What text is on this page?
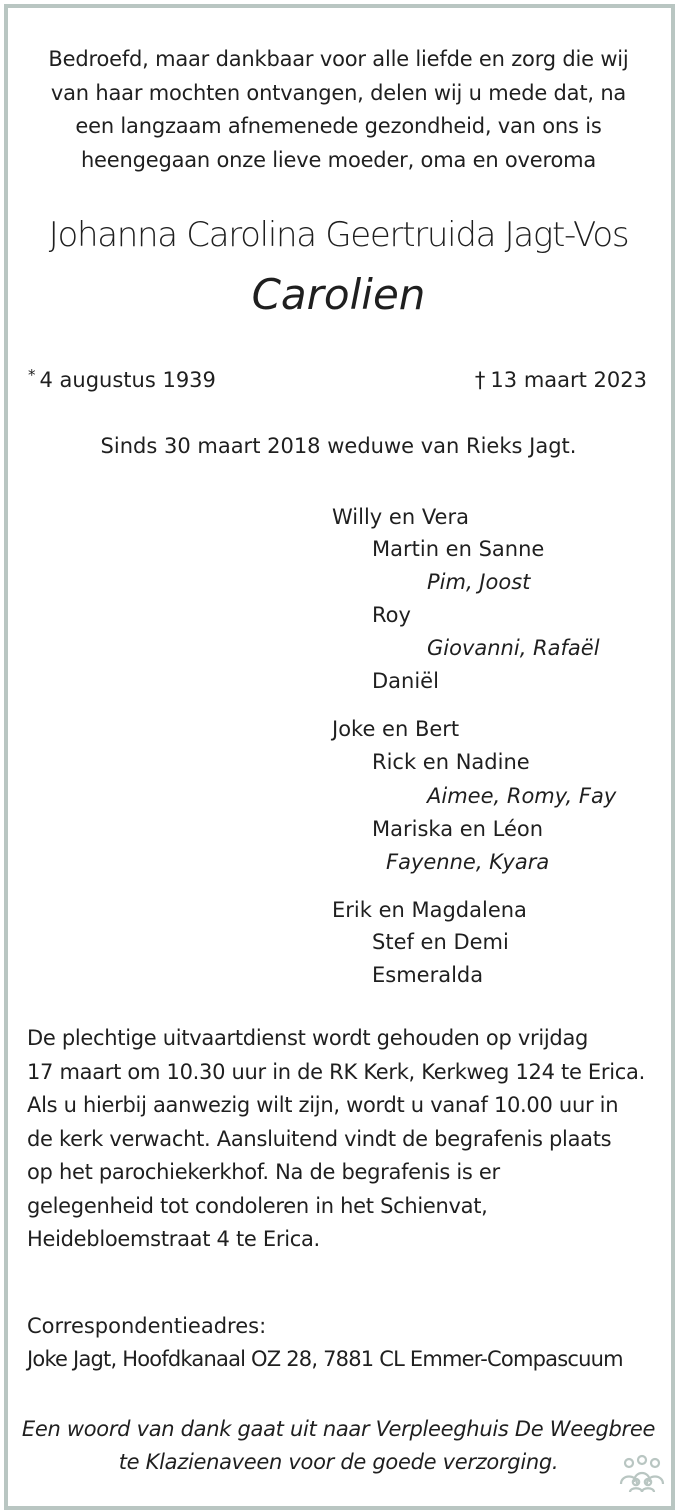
Bedroefd, maar dankbaar voor alle liefde en zorg die wij
van haar mochten ontvangen, delen wij u mede dat, na
een langzaam afnemenede gezondheid, van ons is
heengegaan onze lieve moeder, oma en overoma
Johanna Carolina Geertruida Jagt-Vos
Carolien
* 4 augustus 1939	† 13 maart 2023
Sinds 30 maart 2018 weduwe van Rieks Jagt.
Willy en Vera
Martin en Sanne
Pim, Joost
Roy
Giovanni, Rafaël
Daniël
Joke en Bert
Rick en Nadine
Aimee, Romy, Fay
Mariska en Léon
Fayenne, Kyara
Erik en Magdalena
Stef en Demi
Esmeralda
De plechtige uitvaartdienst wordt gehouden op vrijdag
17 maart om 10.30 uur in de RK Kerk, Kerkweg 124 te Erica.
Als u hierbij aanwezig wilt zijn, wordt u vanaf 10.00 uur in
de kerk verwacht. Aansluitend vindt de begrafenis plaats
op het parochiekerkhof. Na de begrafenis is er
gelegenheid tot condoleren in het Schienvat,
Heidebloemstraat 4 te Erica.
Correspondentieadres:
Joke Jagt, Hoofdkanaal OZ 28, 7881 CL Emmer-Compascuum
Een woord van dank gaat uit naar Verpleeghuis De Weegbree
te Klazienaveen voor de goede verzorging.
